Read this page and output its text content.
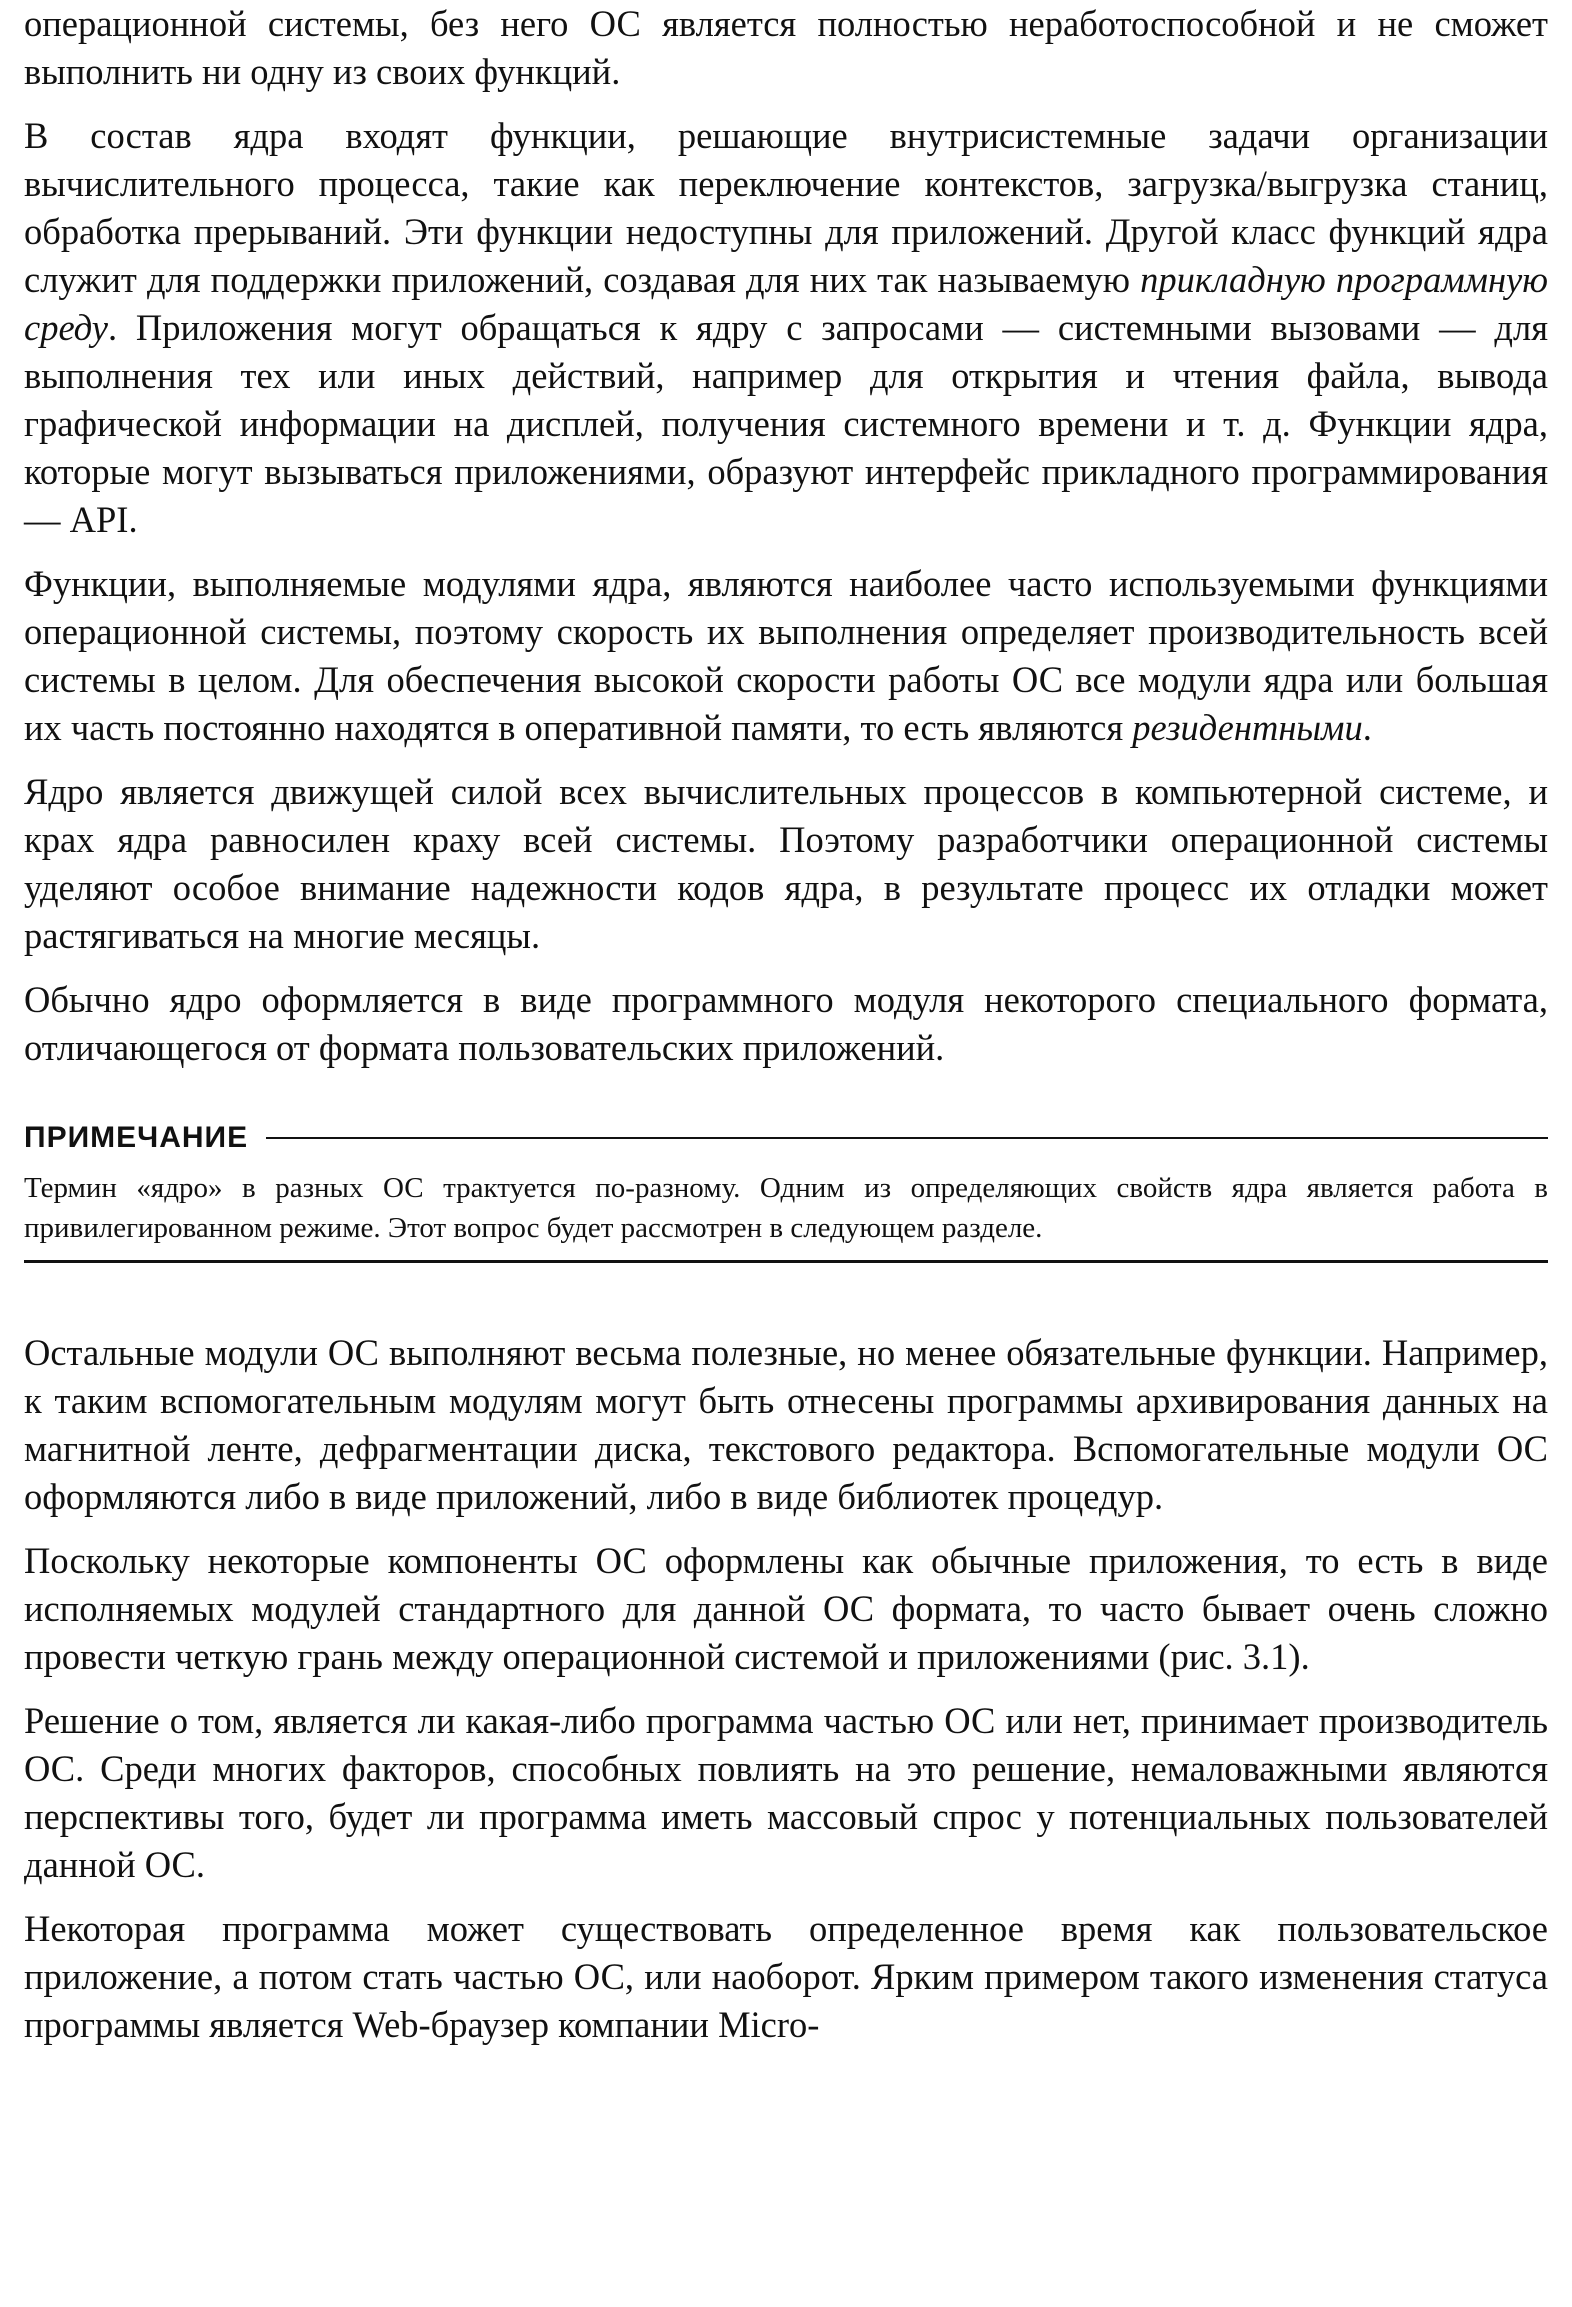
операционной системы, без него ОС является полностью неработоспособной и не сможет выполнить ни одну из своих функций.

В состав ядра входят функции, решающие внутрисистемные задачи организации вычислительного процесса, такие как переключение контекстов, загрузка/выгрузка станиц, обработка прерываний. Эти функции недоступны для приложений. Другой класс функций ядра служит для поддержки приложений, создавая для них так называемую прикладную программную среду. Приложения могут обращаться к ядру с запросами — системными вызовами — для выполнения тех или иных действий, например для открытия и чтения файла, вывода графической информации на дисплей, получения системного времени и т. д. Функции ядра, которые могут вызываться приложениями, образуют интерфейс прикладного программирования — API.

Функции, выполняемые модулями ядра, являются наиболее часто используемыми функциями операционной системы, поэтому скорость их выполнения определяет производительность всей системы в целом. Для обеспечения высокой скорости работы ОС все модули ядра или большая их часть постоянно находятся в оперативной памяти, то есть являются резидентными.

Ядро является движущей силой всех вычислительных процессов в компьютерной системе, и крах ядра равносилен краху всей системы. Поэтому разработчики операционной системы уделяют особое внимание надежности кодов ядра, в результате процесс их отладки может растягиваться на многие месяцы.

Обычно ядро оформляется в виде программного модуля некоторого специального формата, отличающегося от формата пользовательских приложений.

ПРИМЕЧАНИЕ

Термин «ядро» в разных ОС трактуется по-разному. Одним из определяющих свойств ядра является работа в привилегированном режиме. Этот вопрос будет рассмотрен в следующем разделе.

Остальные модули ОС выполняют весьма полезные, но менее обязательные функции. Например, к таким вспомогательным модулям могут быть отнесены программы архивирования данных на магнитной ленте, дефрагментации диска, текстового редактора. Вспомогательные модули ОС оформляются либо в виде приложений, либо в виде библиотек процедур.

Поскольку некоторые компоненты ОС оформлены как обычные приложения, то есть в виде исполняемых модулей стандартного для данной ОС формата, то часто бывает очень сложно провести четкую грань между операционной системой и приложениями (рис. 3.1).

Решение о том, является ли какая-либо программа частью ОС или нет, принимает производитель ОС. Среди многих факторов, способных повлиять на это решение, немаловажными являются перспективы того, будет ли программа иметь массовый спрос у потенциальных пользователей данной ОС.

Некоторая программа может существовать определенное время как пользовательское приложение, а потом стать частью ОС, или наоборот. Ярким примером такого изменения статуса программы является Web-браузер компании Micro-
